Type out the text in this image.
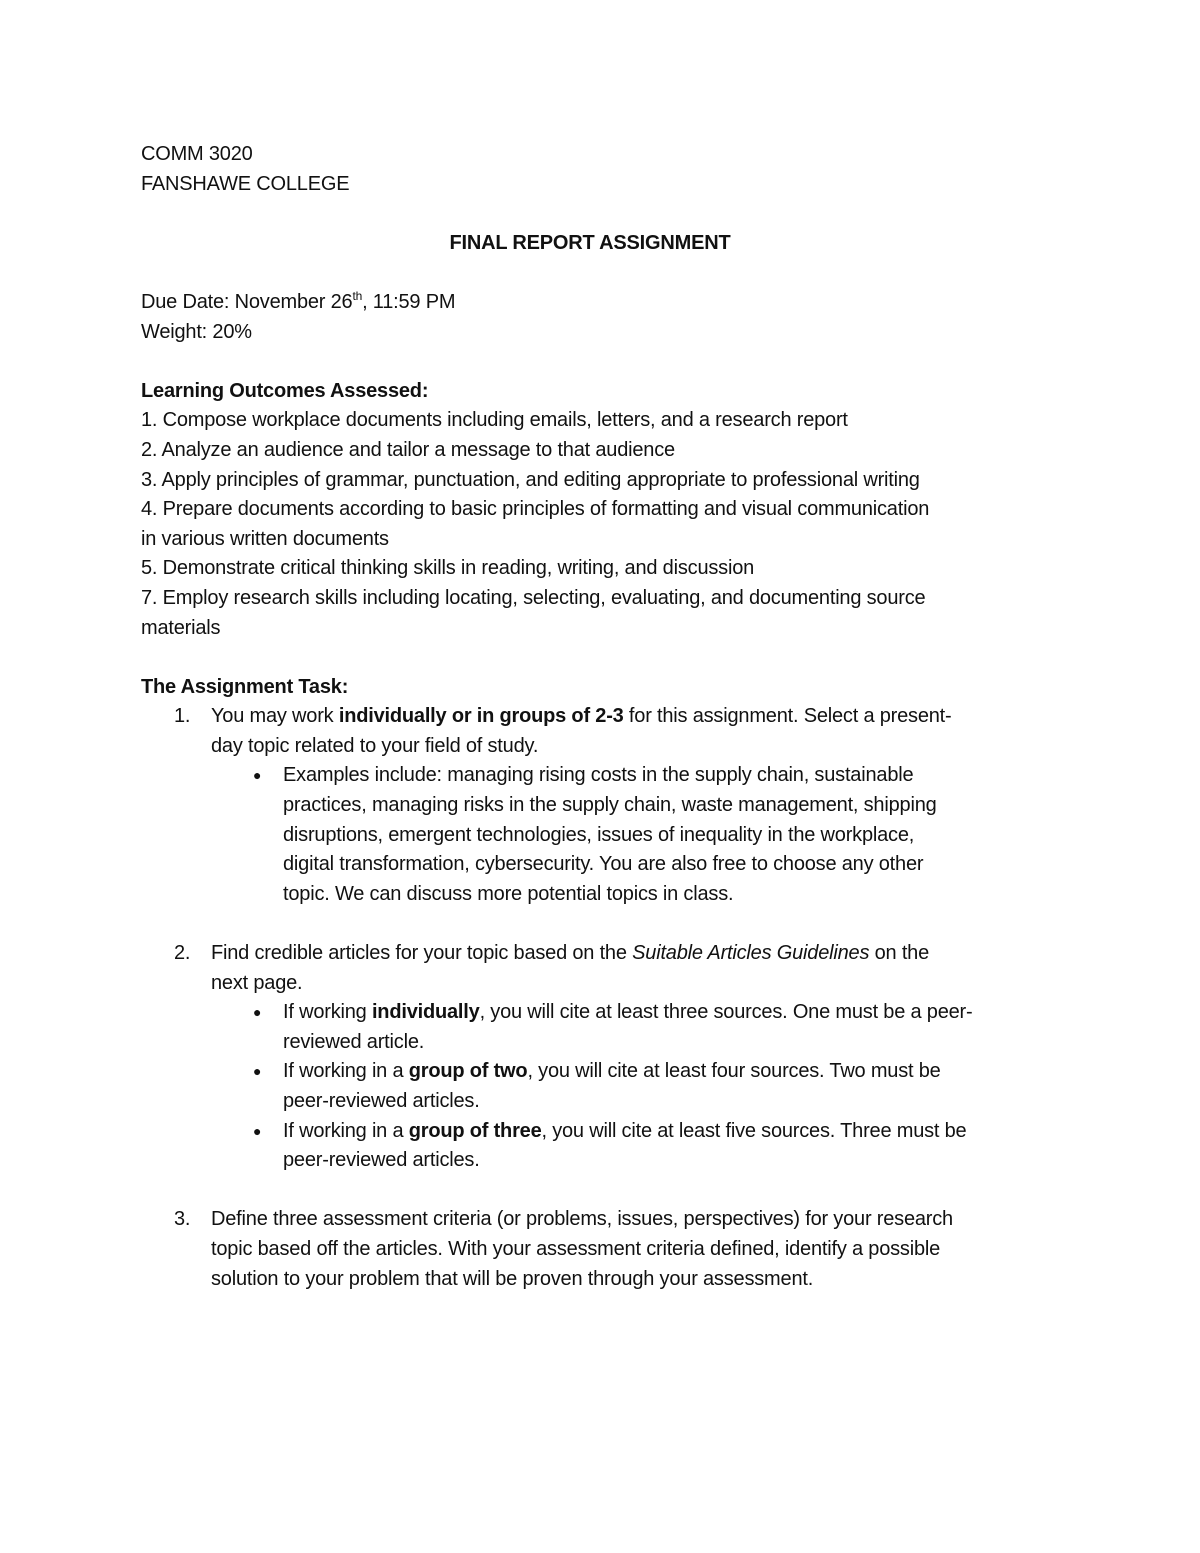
COMM 3020
FANSHAWE COLLEGE
FINAL REPORT ASSIGNMENT
Due Date: November 26th, 11:59 PM
Weight: 20%
Learning Outcomes Assessed:
1. Compose workplace documents including emails, letters, and a research report
2. Analyze an audience and tailor a message to that audience
3. Apply principles of grammar, punctuation, and editing appropriate to professional writing
4. Prepare documents according to basic principles of formatting and visual communication
in various written documents
5. Demonstrate critical thinking skills in reading, writing, and discussion
7. Employ research skills including locating, selecting, evaluating, and documenting source
materials
The Assignment Task:
1. You may work individually or in groups of 2-3 for this assignment. Select a present-
day topic related to your field of study.
● Examples include: managing rising costs in the supply chain, sustainable
practices, managing risks in the supply chain, waste management, shipping
disruptions, emergent technologies, issues of inequality in the workplace,
digital transformation, cybersecurity. You are also free to choose any other
topic. We can discuss more potential topics in class.
2. Find credible articles for your topic based on the Suitable Articles Guidelines on the
next page.
● If working individually, you will cite at least three sources. One must be a peer-
reviewed article.
● If working in a group of two, you will cite at least four sources. Two must be
peer-reviewed articles.
● If working in a group of three, you will cite at least five sources. Three must be
peer-reviewed articles.
3. Define three assessment criteria (or problems, issues, perspectives) for your research
topic based off the articles. With your assessment criteria defined, identify a possible
solution to your problem that will be proven through your assessment.
